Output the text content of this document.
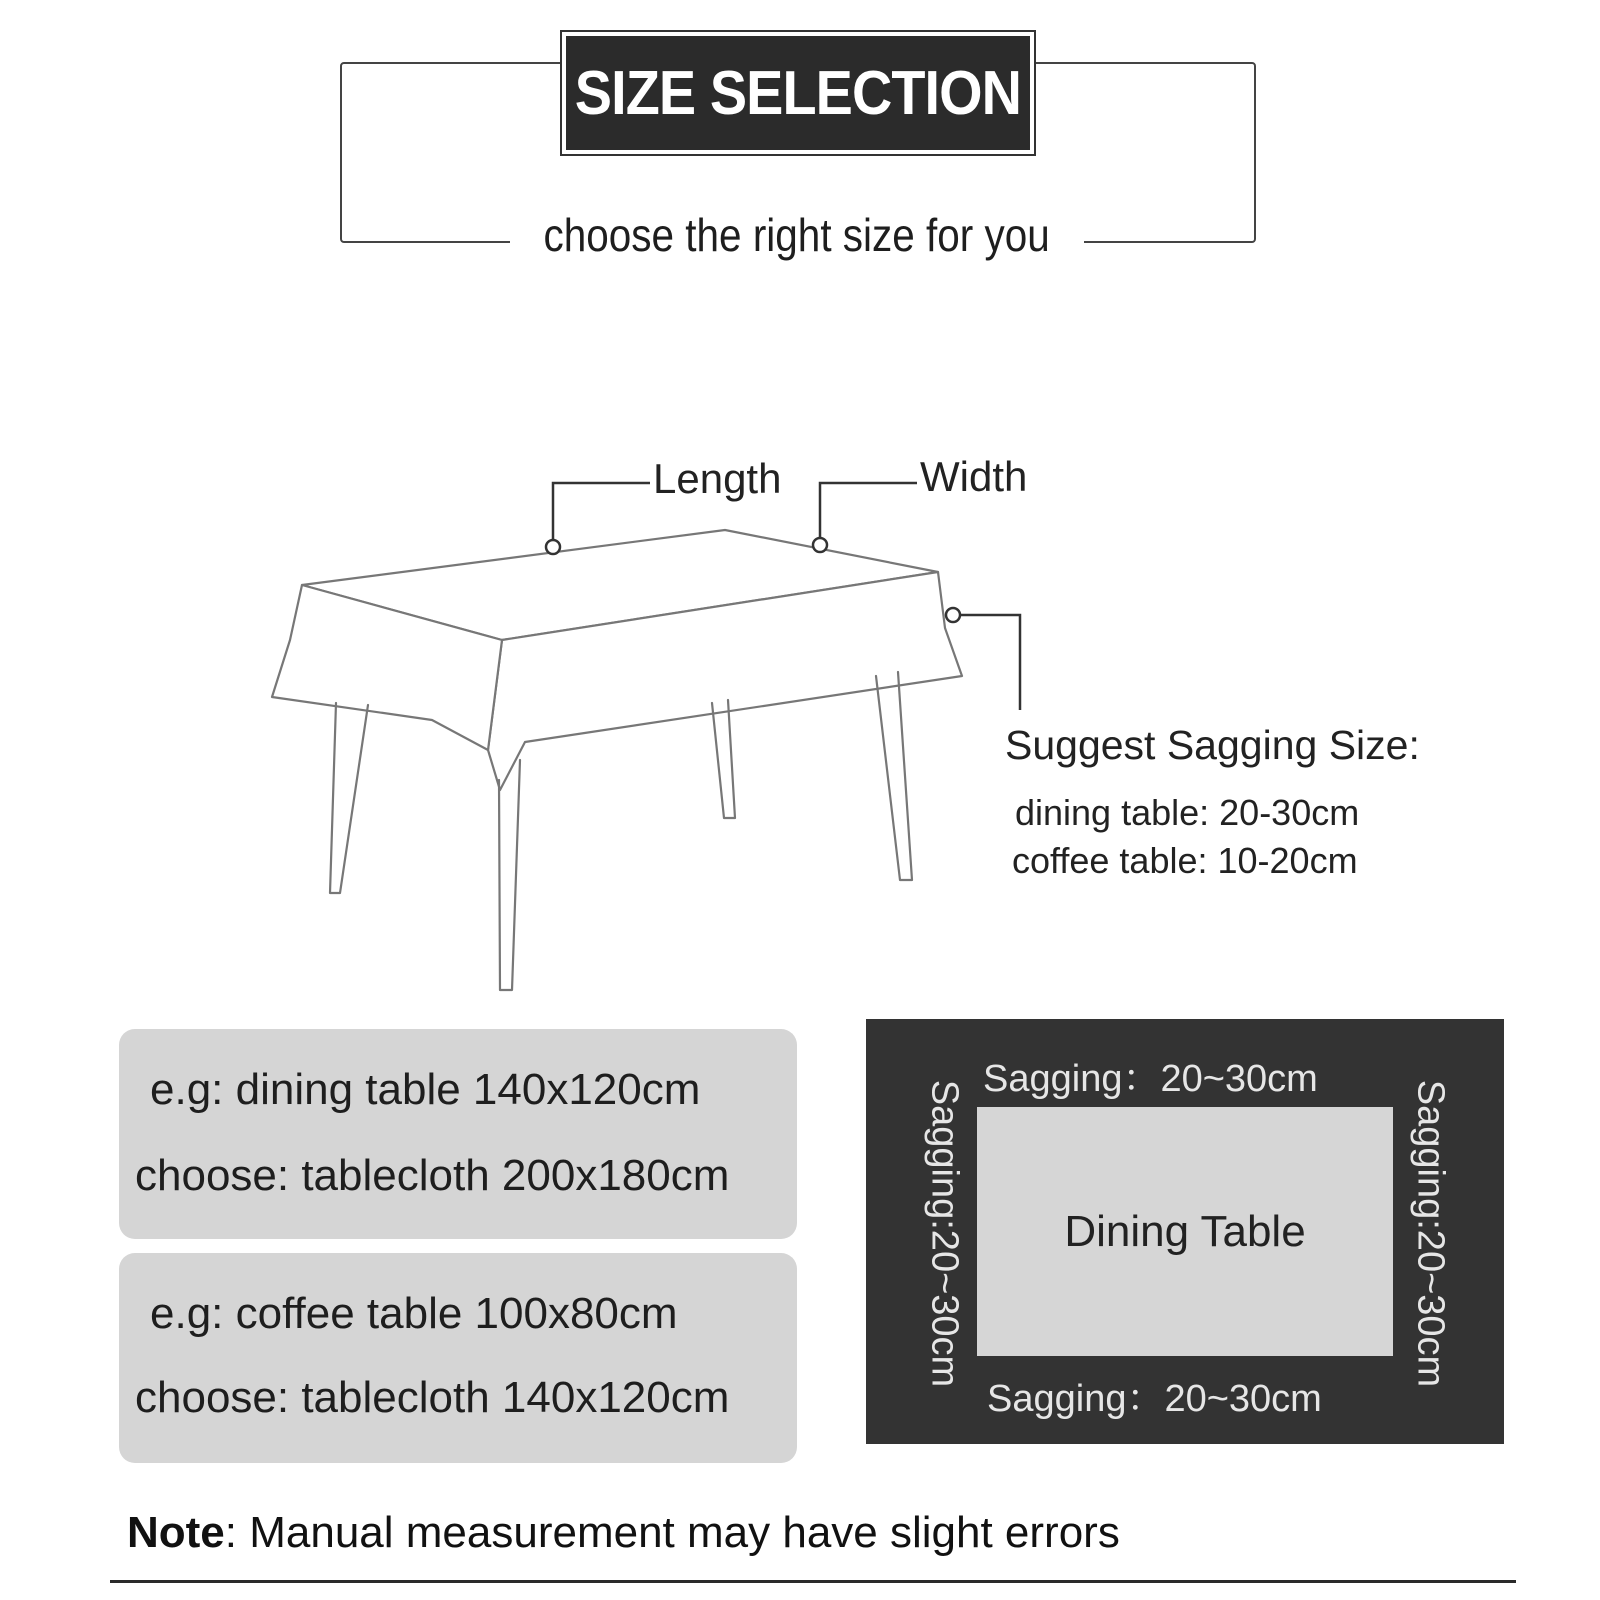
SIZE SELECTION
choose the right size for you
Length	Width
Suggest Sagging Size:
dining table: 20-30cm
coffee table: 10-20cm
e.g: dining table 140x120cm
choose: tablecloth 200x180cm
e.g: coffee table 100x80cm
choose: tablecloth 140x120cm
Dining Table
Sagging：20~30cm
Sagging：20~30cm
Sagging:20~30cm	Sagging:20~30cm
Note: Manual measurement may have slight errors
